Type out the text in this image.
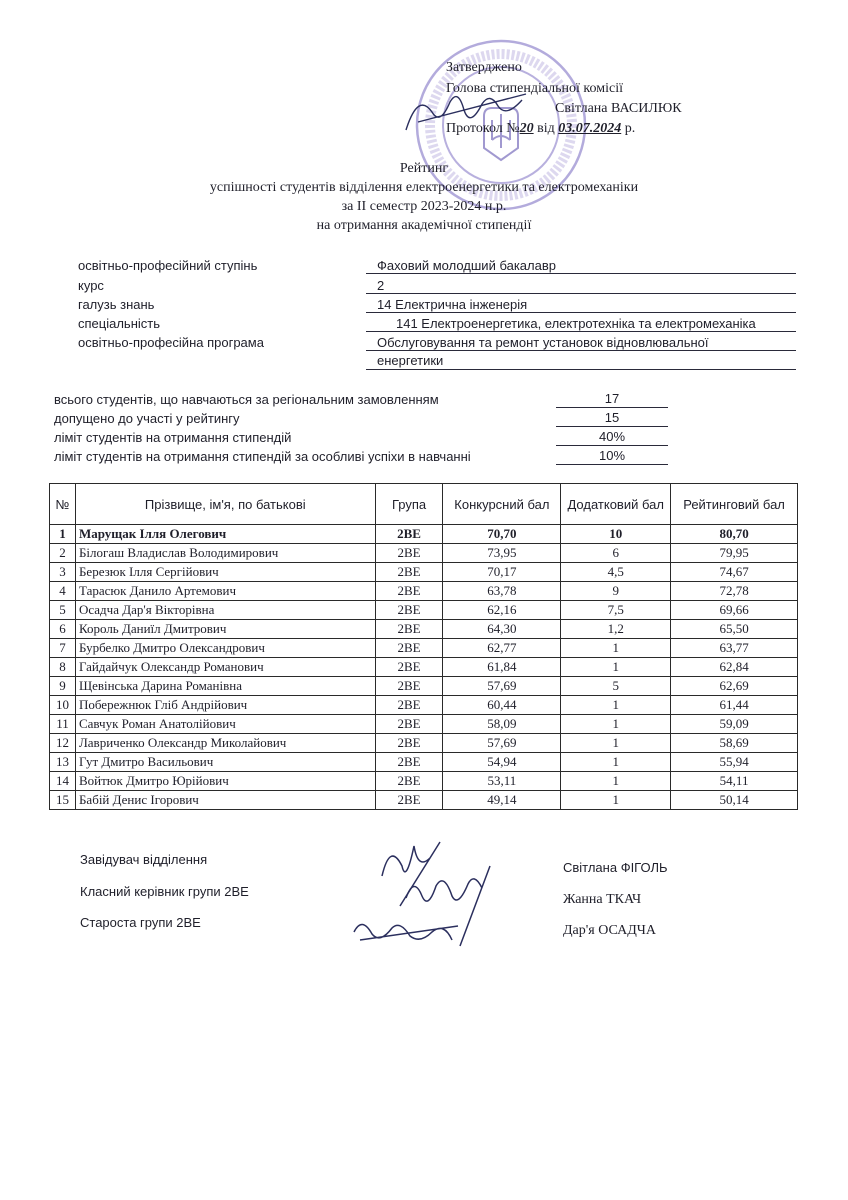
Затверджено
Голова стипендіальної комісії
Світлана ВАСИЛЮК
Протокол №20 від 03.07.2024 р.
Рейтинг
успішності студентів відділення електроенергетики та електромеханіки
за ІІ семестр 2023-2024 н.р.
на отримання академічної стипендії
освітньо-професійний ступінь	Фаховий молодший бакалавр
курс	2
галузь знань	14 Електрична інженерія
спеціальність	141 Електроенергетика, електротехніка та електромеханіка
освітньо-професійна програма	Обслуговування та ремонт установок відновлювальної
енергетики
всього студентів, що навчаються за регіональним замовленням	17
допущено до участі у рейтингу	15
ліміт студентів на отримання стипендій	40%
ліміт студентів на отримання стипендій за особливі успіхи в навчанні	10%
№	Прізвище, ім'я, по батькові	Група	Конкурсний бал	Додатковий бал	Рейтинговий бал
1	Марущак Ілля Олегович	2ВЕ	70,70	10	80,70
2	Білогаш Владислав Володимирович	2ВЕ	73,95	6	79,95
3	Березюк Ілля Сергійович	2ВЕ	70,17	4,5	74,67
4	Тарасюк Данило Артемович	2ВЕ	63,78	9	72,78
5	Осадча Дар'я Вікторівна	2ВЕ	62,16	7,5	69,66
6	Король Даниїл Дмитрович	2ВЕ	64,30	1,2	65,50
7	Бурбелко Дмитро Олександрович	2ВЕ	62,77	1	63,77
8	Гайдайчук Олександр Романович	2ВЕ	61,84	1	62,84
9	Щевінська Дарина Романівна	2ВЕ	57,69	5	62,69
10	Побережнюк Гліб Андрійович	2ВЕ	60,44	1	61,44
11	Савчук Роман Анатолійович	2ВЕ	58,09	1	59,09
12	Лавриченко Олександр Миколайович	2ВЕ	57,69	1	58,69
13	Гут Дмитро Васильович	2ВЕ	54,94	1	55,94
14	Войтюк Дмитро Юрійович	2ВЕ	53,11	1	54,11
15	Бабій Денис Ігорович	2ВЕ	49,14	1	50,14
Завідувач відділення
Світлана ФІГОЛЬ
Класний керівник групи 2ВЕ
Жанна ТКАЧ
Староста групи 2ВЕ
Дар'я ОСАДЧА
